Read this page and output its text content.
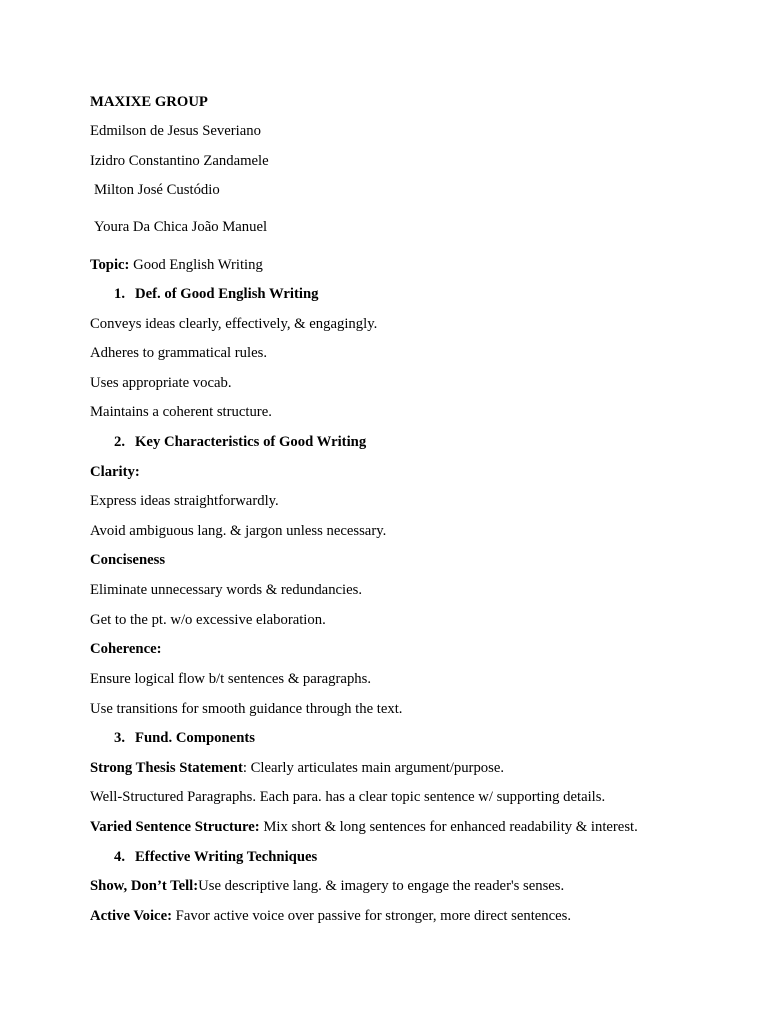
MAXIXE GROUP
Edmilson de Jesus Severiano
Izidro Constantino Zandamele
Milton José Custódio
Youra Da Chica João Manuel
Topic: Good English Writing
1. Def. of Good English Writing
Conveys ideas clearly, effectively, & engagingly.
Adheres to grammatical rules.
Uses appropriate vocab.
Maintains a coherent structure.
2. Key Characteristics of Good Writing
Clarity:
Express ideas straightforwardly.
Avoid ambiguous lang. & jargon unless necessary.
Conciseness
Eliminate unnecessary words & redundancies.
Get to the pt. w/o excessive elaboration.
Coherence:
Ensure logical flow b/t sentences & paragraphs.
Use transitions for smooth guidance through the text.
3. Fund. Components
Strong Thesis Statement: Clearly articulates main argument/purpose.
Well-Structured Paragraphs. Each para. has a clear topic sentence w/ supporting details.
Varied Sentence Structure: Mix short & long sentences for enhanced readability & interest.
4. Effective Writing Techniques
Show, Don’t Tell:Use descriptive lang. & imagery to engage the reader's senses.
Active Voice: Favor active voice over passive for stronger, more direct sentences.
